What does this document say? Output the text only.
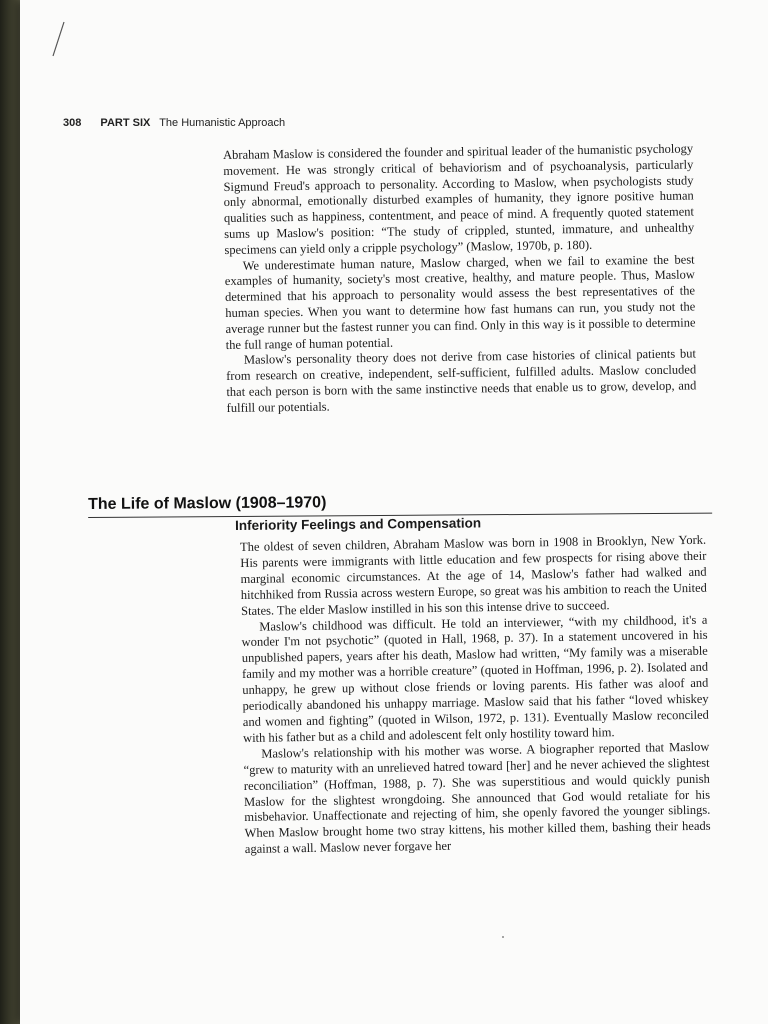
308 PART SIX The Humanistic Approach

Abraham Maslow is considered the founder and spiritual leader of the humanistic psychology movement. He was strongly critical of behaviorism and of psychoanalysis, particularly Sigmund Freud's approach to personality. According to Maslow, when psychologists study only abnormal, emotionally disturbed examples of humanity, they ignore positive human qualities such as happiness, contentment, and peace of mind. A frequently quoted statement sums up Maslow's position: “The study of crippled, stunted, immature, and unhealthy specimens can yield only a cripple psychology” (Maslow, 1970b, p. 180).

We underestimate human nature, Maslow charged, when we fail to examine the best examples of humanity, society's most creative, healthy, and mature people. Thus, Maslow determined that his approach to personality would assess the best representatives of the human species. When you want to determine how fast humans can run, you study not the average runner but the fastest runner you can find. Only in this way is it possible to determine the full range of human potential.

Maslow's personality theory does not derive from case histories of clinical patients but from research on creative, independent, self-sufficient, fulfilled adults. Maslow concluded that each person is born with the same instinctive needs that enable us to grow, develop, and fulfill our potentials.

The Life of Maslow (1908–1970)
Inferiority Feelings and Compensation

The oldest of seven children, Abraham Maslow was born in 1908 in Brooklyn, New York. His parents were immigrants with little education and few prospects for rising above their marginal economic circumstances. At the age of 14, Maslow's father had walked and hitchhiked from Russia across western Europe, so great was his ambition to reach the United States. The elder Maslow instilled in his son this intense drive to succeed.

Maslow's childhood was difficult. He told an interviewer, “with my childhood, it's a wonder I'm not psychotic” (quoted in Hall, 1968, p. 37). In a statement uncovered in his unpublished papers, years after his death, Maslow had written, “My family was a miserable family and my mother was a horrible creature” (quoted in Hoffman, 1996, p. 2). Isolated and unhappy, he grew up without close friends or loving parents. His father was aloof and periodically abandoned his unhappy marriage. Maslow said that his father “loved whiskey and women and fighting” (quoted in Wilson, 1972, p. 131). Eventually Maslow reconciled with his father but as a child and adolescent felt only hostility toward him.

Maslow's relationship with his mother was worse. A biographer reported that Maslow “grew to maturity with an unrelieved hatred toward [her] and he never achieved the slightest reconciliation” (Hoffman, 1988, p. 7). She was superstitious and would quickly punish Maslow for the slightest wrongdoing. She announced that God would retaliate for his misbehavior. Unaffectionate and rejecting of him, she openly favored the younger siblings. When Maslow brought home two stray kittens, his mother killed them, bashing their heads against a wall. Maslow never forgave her
